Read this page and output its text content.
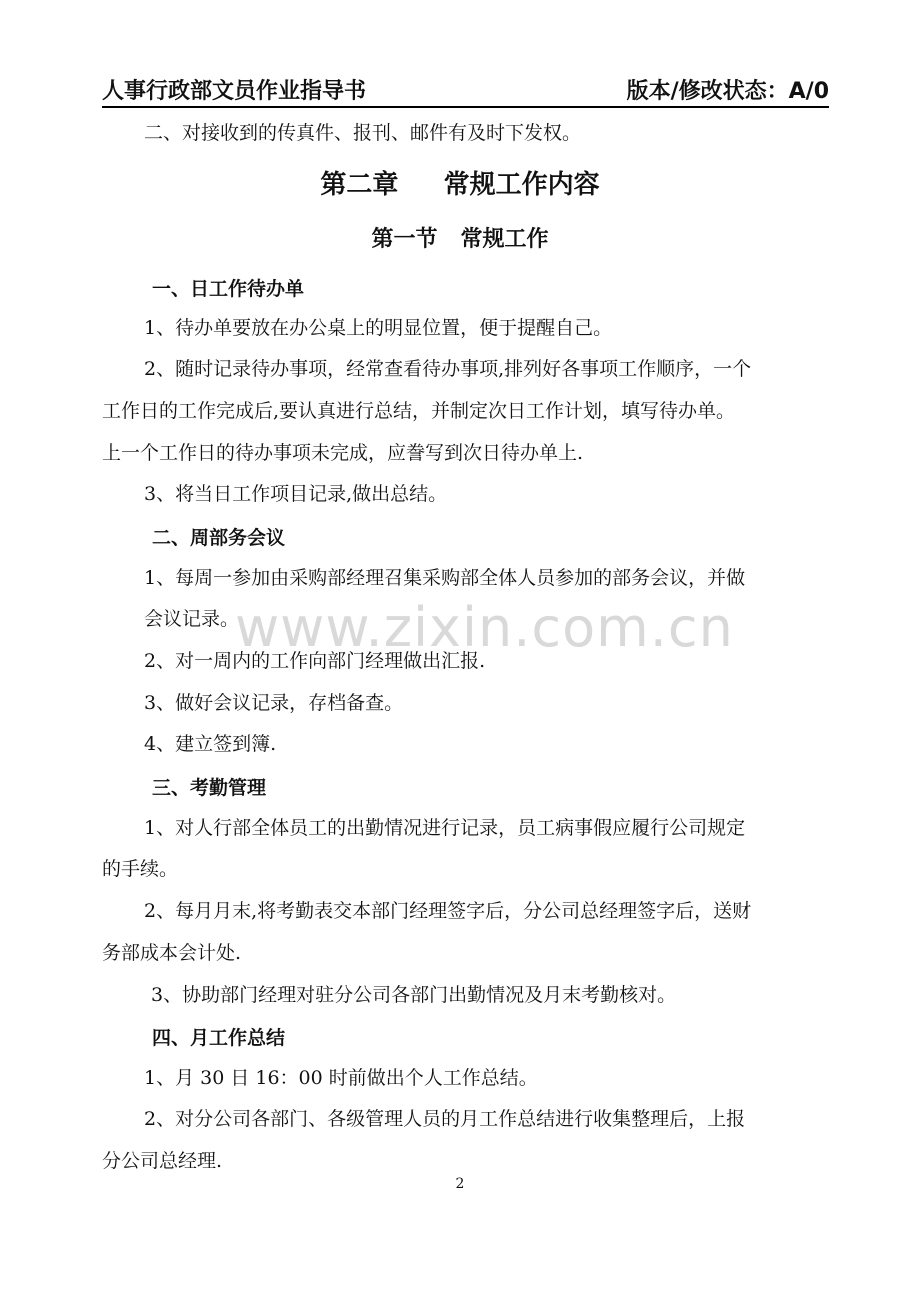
人事行政部文员作业指导书	版本/修改状态：A/0
二、对接收到的传真件、报刊、邮件有及时下发权。
第二章     常规工作内容
第一节   常规工作
一、日工作待办单
1、待办单要放在办公桌上的明显位置，便于提醒自己。
2、随时记录待办事项，经常查看待办事项,排列好各事项工作顺序，一个
工作日的工作完成后,要认真进行总结，并制定次日工作计划，填写待办单。
上一个工作日的待办事项未完成，应誊写到次日待办单上.
3、将当日工作项目记录,做出总结。
二、周部务会议
1、每周一参加由采购部经理召集采购部全体人员参加的部务会议，并做
会议记录。
2、对一周内的工作向部门经理做出汇报.
3、做好会议记录，存档备查。
4、建立签到簿.
三、考勤管理
1、对人行部全体员工的出勤情况进行记录，员工病事假应履行公司规定
的手续。
2、每月月末,将考勤表交本部门经理签字后，分公司总经理签字后，送财
务部成本会计处.
3、协助部门经理对驻分公司各部门出勤情况及月末考勤核对。
四、月工作总结
1、月 30 日 16：00 时前做出个人工作总结。
2、对分公司各部门、各级管理人员的月工作总结进行收集整理后，上报
分公司总经理.
www.zixin.com.cn
2
